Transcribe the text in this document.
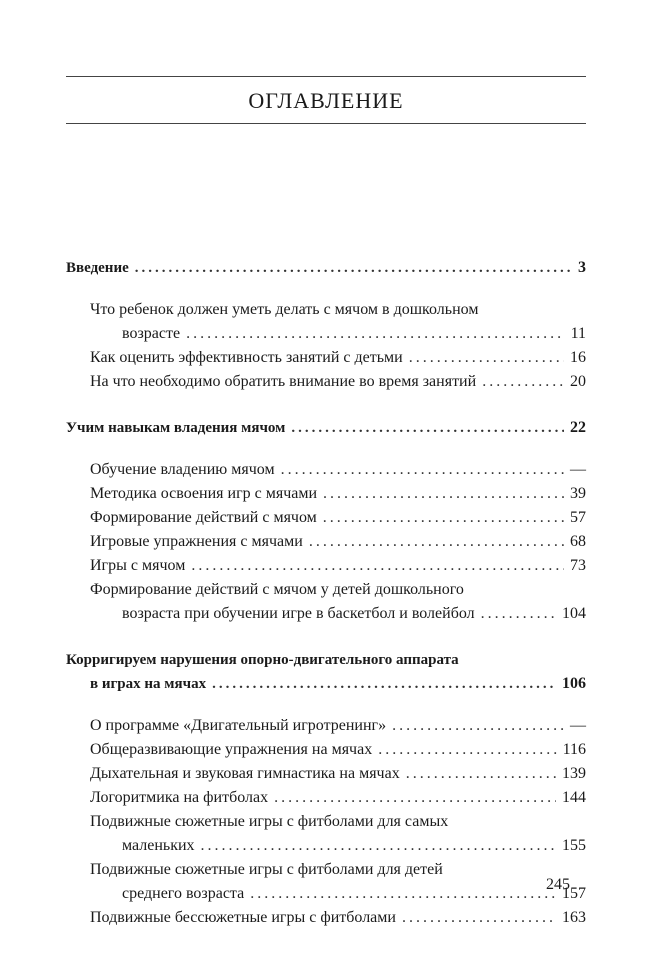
ОГЛАВЛЕНИЕ
Введение .....	3
Что ребенок должен уметь делать с мячом в дошкольном
возрасте .....	11
Как оценить эффективность занятий с детьми .....	16
На что необходимо обратить внимание во время занятий .....	20
Учим навыкам владения мячом .....	22
Обучение владению мячом .....	—
Методика освоения игр с мячами .....	39
Формирование действий с мячом .....	57
Игровые упражнения с мячами .....	68
Игры с мячом .....	73
Формирование действий с мячом у детей дошкольного
возраста при обучении игре в баскетбол и волейбол .....	104
Корригируем нарушения опорно-двигательного аппарата
в играх на мячах .....	106
О программе «Двигательный игротренинг» .....	—
Общеразвивающие упражнения на мячах .....	116
Дыхательная и звуковая гимнастика на мячах .....	139
Логоритмика на фитболах .....	144
Подвижные сюжетные игры с фитболами для самых
маленьких .....	155
Подвижные сюжетные игры с фитболами для детей
среднего возраста .....	157
Подвижные бессюжетные игры с фитболами .....	163
245
